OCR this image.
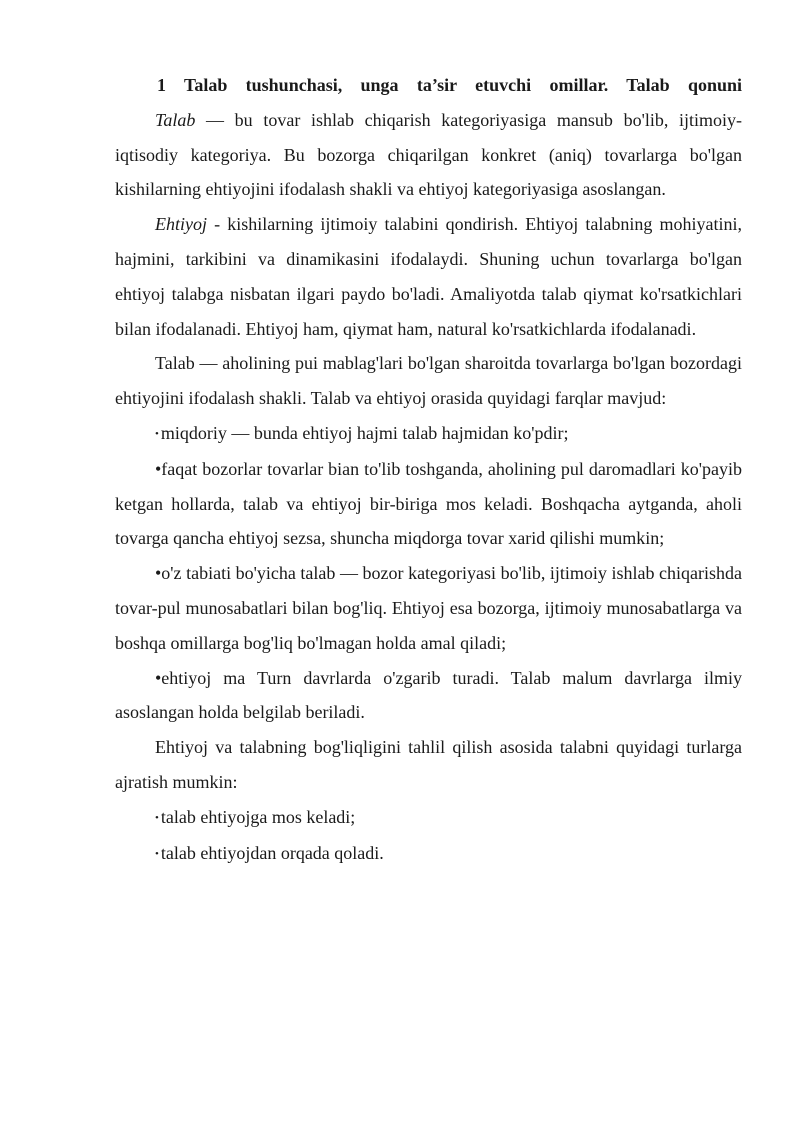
1 Talab tushunchasi, unga ta’sir etuvchi omillar. Talab qonuni

Talab — bu tovar ishlab chiqarish kategoriyasiga mansub bo'lib, ijtimoiy- iqtisodiy kategoriya. Bu bozorga chiqarilgan konkret (aniq) tovarlarga bo'lgan kishilarning ehtiyojini ifodalash shakli va ehtiyoj kategoriyasiga asoslangan.

Ehtiyoj - kishilarning ijtimoiy talabini qondirish. Ehtiyoj talabning mohiyatini, hajmini, tarkibini va dinamikasini ifodalaydi. Shuning uchun tovarlarga bo'lgan ehtiyoj talabga nisbatan ilgari paydo bo'ladi. Amaliyotda talab qiymat ko'rsatkichlari bilan ifodalanadi. Ehtiyoj ham, qiymat ham, natural ko'rsatkichlarda ifodalanadi.

Talab — aholining pui mablag'lari bo'lgan sharoitda tovarlarga bo'lgan bozordagi ehtiyojini ifodalash shakli. Talab va ehtiyoj orasida quyidagi farqlar mavjud:

• miqdoriy — bunda ehtiyoj hajmi talab hajmidan ko'pdir;

•faqat bozorlar tovarlar bian to'lib toshganda, aholining pul daromadlari ko'payib ketgan hollarda, talab va ehtiyoj bir-biriga mos keladi. Boshqacha aytganda, aholi tovarga qancha ehtiyoj sezsa, shuncha miqdorga tovar xarid qilishi mumkin;

•o'z tabiati bo'yicha talab — bozor kategoriyasi bo'lib, ijtimoiy ishlab chiqarishda tovar-pul munosabatlari bilan bog'liq. Ehtiyoj esa bozorga, ijtimoiy munosabatlarga va boshqa omillarga bog'liq bo'lmagan holda amal qiladi;

•ehtiyoj ma Turn davrlarda o'zgarib turadi. Talab malum davrlarga ilmiy asoslangan holda belgilab beriladi.

Ehtiyoj va talabning bog'liqligini tahlil qilish asosida talabni quyidagi turlarga ajratish mumkin:

• talab ehtiyojga mos keladi;

• talab ehtiyojdan orqada qoladi.
